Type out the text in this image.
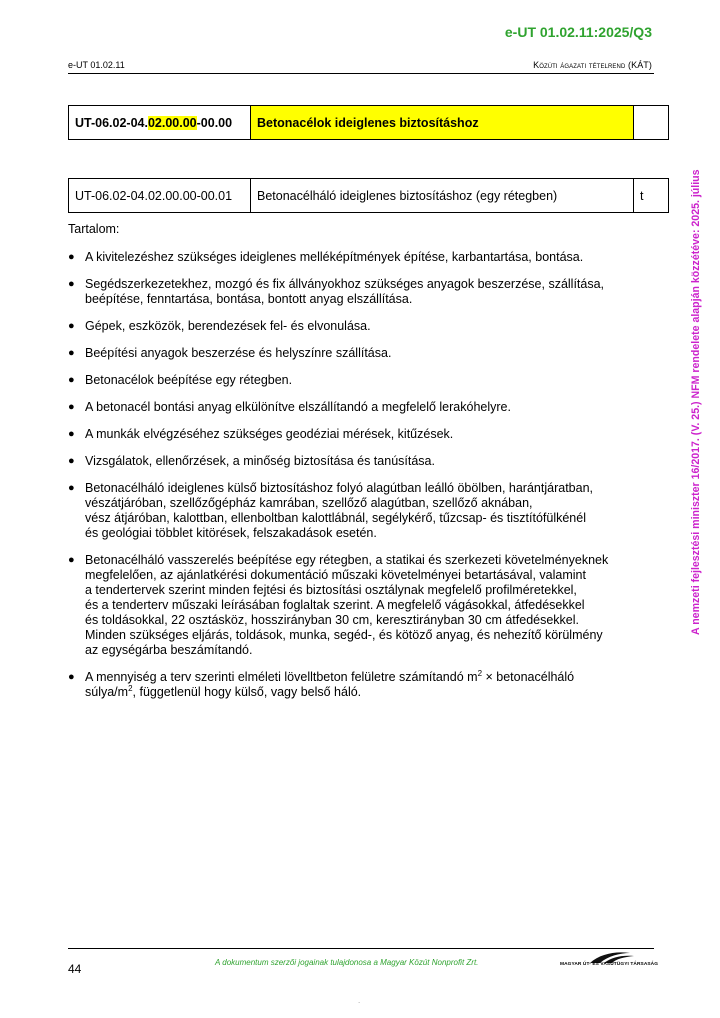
e-UT 01.02.11:2025/Q3
e-UT 01.02.11	Közúti ágazati tételrend (KÁT)
A nemzeti fejlesztési miniszter 16/2017. (V. 25.) NFM rendelete alapján közzétéve: 2025. július
UT-06.02-04.02.00.00-00.00	Betonacélok ideiglenes biztosításhoz	
UT-06.02-04.02.00.00-00.01	Betonacélháló ideiglenes biztosításhoz (egy rétegben)	t
Tartalom:
● A kivitelezéshez szükséges ideiglenes melléképítmények építése, karbantartása, bontása.
● Segédszerkezetekhez, mozgó és fix állványokhoz szükséges anyagok beszerzése, szállítása,
beépítése, fenntartása, bontása, bontott anyag elszállítása.
● Gépek, eszközök, berendezések fel- és elvonulása.
● Beépítési anyagok beszerzése és helyszínre szállítása.
● Betonacélok beépítése egy rétegben.
● A betonacél bontási anyag elkülönítve elszállítandó a megfelelő lerakóhelyre.
● A munkák elvégzéséhez szükséges geodéziai mérések, kitűzések.
● Vizsgálatok, ellenőrzések, a minőség biztosítása és tanúsítása.
● Betonacélháló ideiglenes külső biztosításhoz folyó alagútban leálló öbölben, harántjáratban,
vészátjáróban, szellőzőgépház kamrában, szellőző alagútban, szellőző aknában,
vész átjáróban, kalottban, ellenboltban kalottlábnál, segélykérő, tűzcsap- és tisztítófülkénél
és geológiai többlet kitörések, felszakadások esetén.
● Betonacélháló vasszerelés beépítése egy rétegben, a statikai és szerkezeti követelményeknek
megfelelően, az ajánlatkérési dokumentáció műszaki követelményei betartásával, valamint
a tendertervek szerint minden fejtési és biztosítási osztálynak megfelelő profilméretekkel,
és a tenderterv műszaki leírásában foglaltak szerint. A megfelelő vágásokkal, átfedésekkel
és toldásokkal, 22 osztásköz, hosszirányban 30 cm, keresztirányban 30 cm átfedésekkel.
Minden szükséges eljárás, toldások, munka, segéd-, és kötöző anyag, és nehezítő körülmény
az egységárba beszámítandó.
● A mennyiség a terv szerinti elméleti lövelltbeton felületre számítandó $m^2$ × betonacélháló
súlya/$m^2$, függetlenül hogy külső, vagy belső háló.
44	A dokumentum szerzői jogainak tulajdonosa a Magyar Közút Nonprofit Zrt.	MAGYAR ÚT- ÉS VASÚTÜGYI TÁRSASÁG
.
